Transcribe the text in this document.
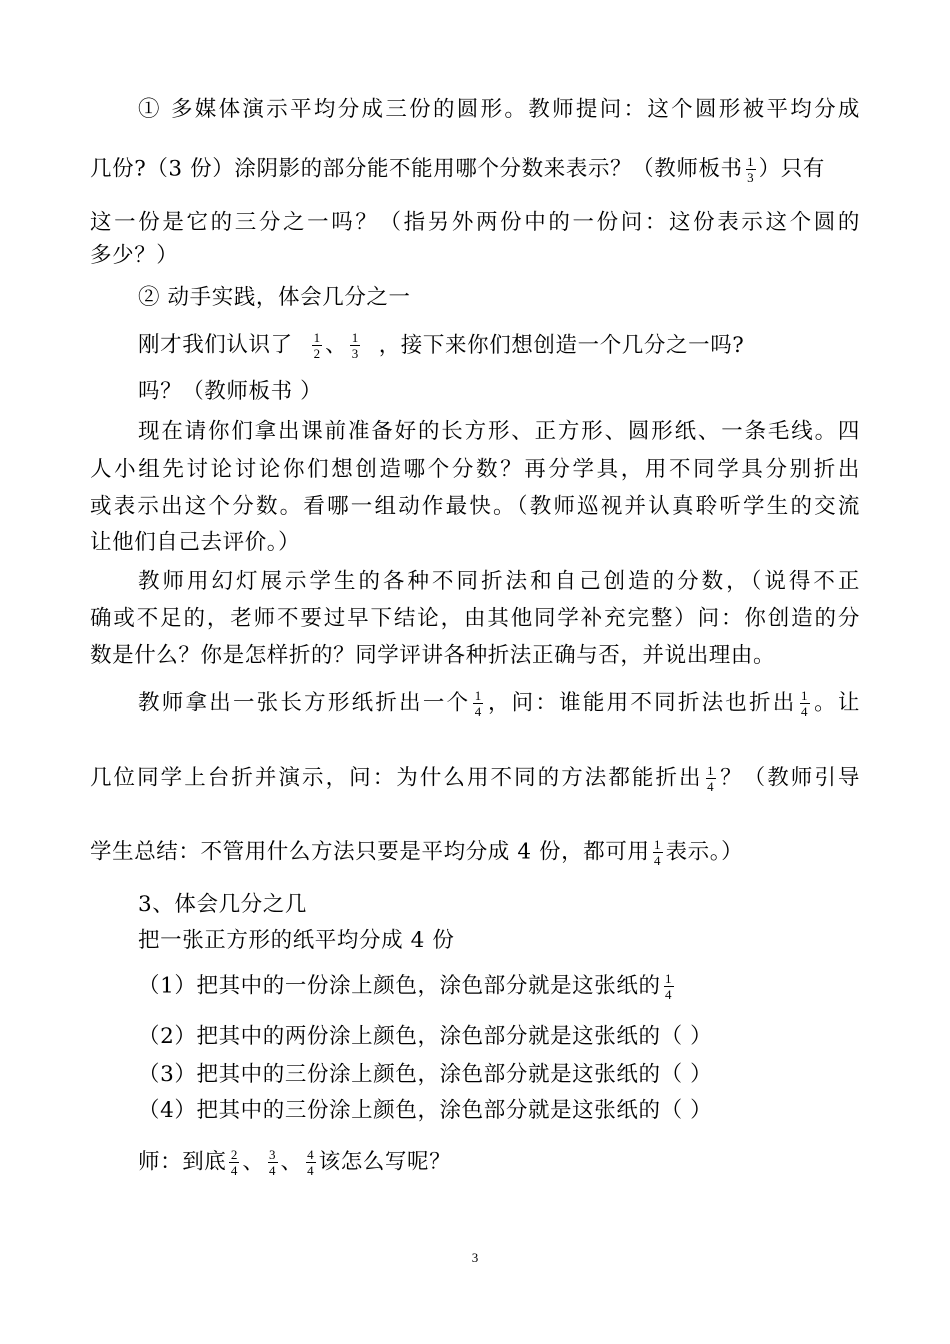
① 多媒体演示平均分成三份的圆形。教师提问：这个圆形被平均分成
几份?（3 份）涂阴影的部分能不能用哪个分数来表示？（教师板书 $\frac{1}{3}$ ）只有
这一份是它的三分之一吗？（指另外两份中的一份问：这份表示这个圆的
多少？）
② 动手实践，体会几分之一
刚才我们认识了 $\frac{1}{2}$ 、 $\frac{1}{3}$ ，接下来你们想创造一个几分之一吗?
吗？（教师板书 ）
现在请你们拿出课前准备好的长方形、正方形、圆形纸、一条毛线。四
人小组先讨论讨论你们想创造哪个分数？再分学具，用不同学具分别折出
或表示出这个分数。看哪一组动作最快。（教师巡视并认真聆听学生的交流
让他们自己去评价。）
教师用幻灯展示学生的各种不同折法和自己创造的分数，（说得不正
确或不足的，老师不要过早下结论，由其他同学补充完整）问：你创造的分
数是什么？你是怎样折的？同学评讲各种折法正确与否，并说出理由。
教师拿出一张长方形纸折出一个 $\frac{1}{4}$ ，问：谁能用不同折法也折出 $\frac{1}{4}$ 。让
几位同学上台折并演示，问：为什么用不同的方法都能折出 $\frac{1}{4}$ ？（教师引导
学生总结：不管用什么方法只要是平均分成 4 份，都可用 $\frac{1}{4}$ 表示。）
3、体会几分之几
把一张正方形的纸平均分成 4 份
（1）把其中的一份涂上颜色，涂色部分就是这张纸的 $\frac{1}{4}$
（2）把其中的两份涂上颜色，涂色部分就是这张纸的（ ）
（3）把其中的三份涂上颜色，涂色部分就是这张纸的（ ）
（4）把其中的三份涂上颜色，涂色部分就是这张纸的（ ）
师：到底 $\frac{2}{4}$ 、 $\frac{3}{4}$ 、 $\frac{4}{4}$ 该怎么写呢？
3
